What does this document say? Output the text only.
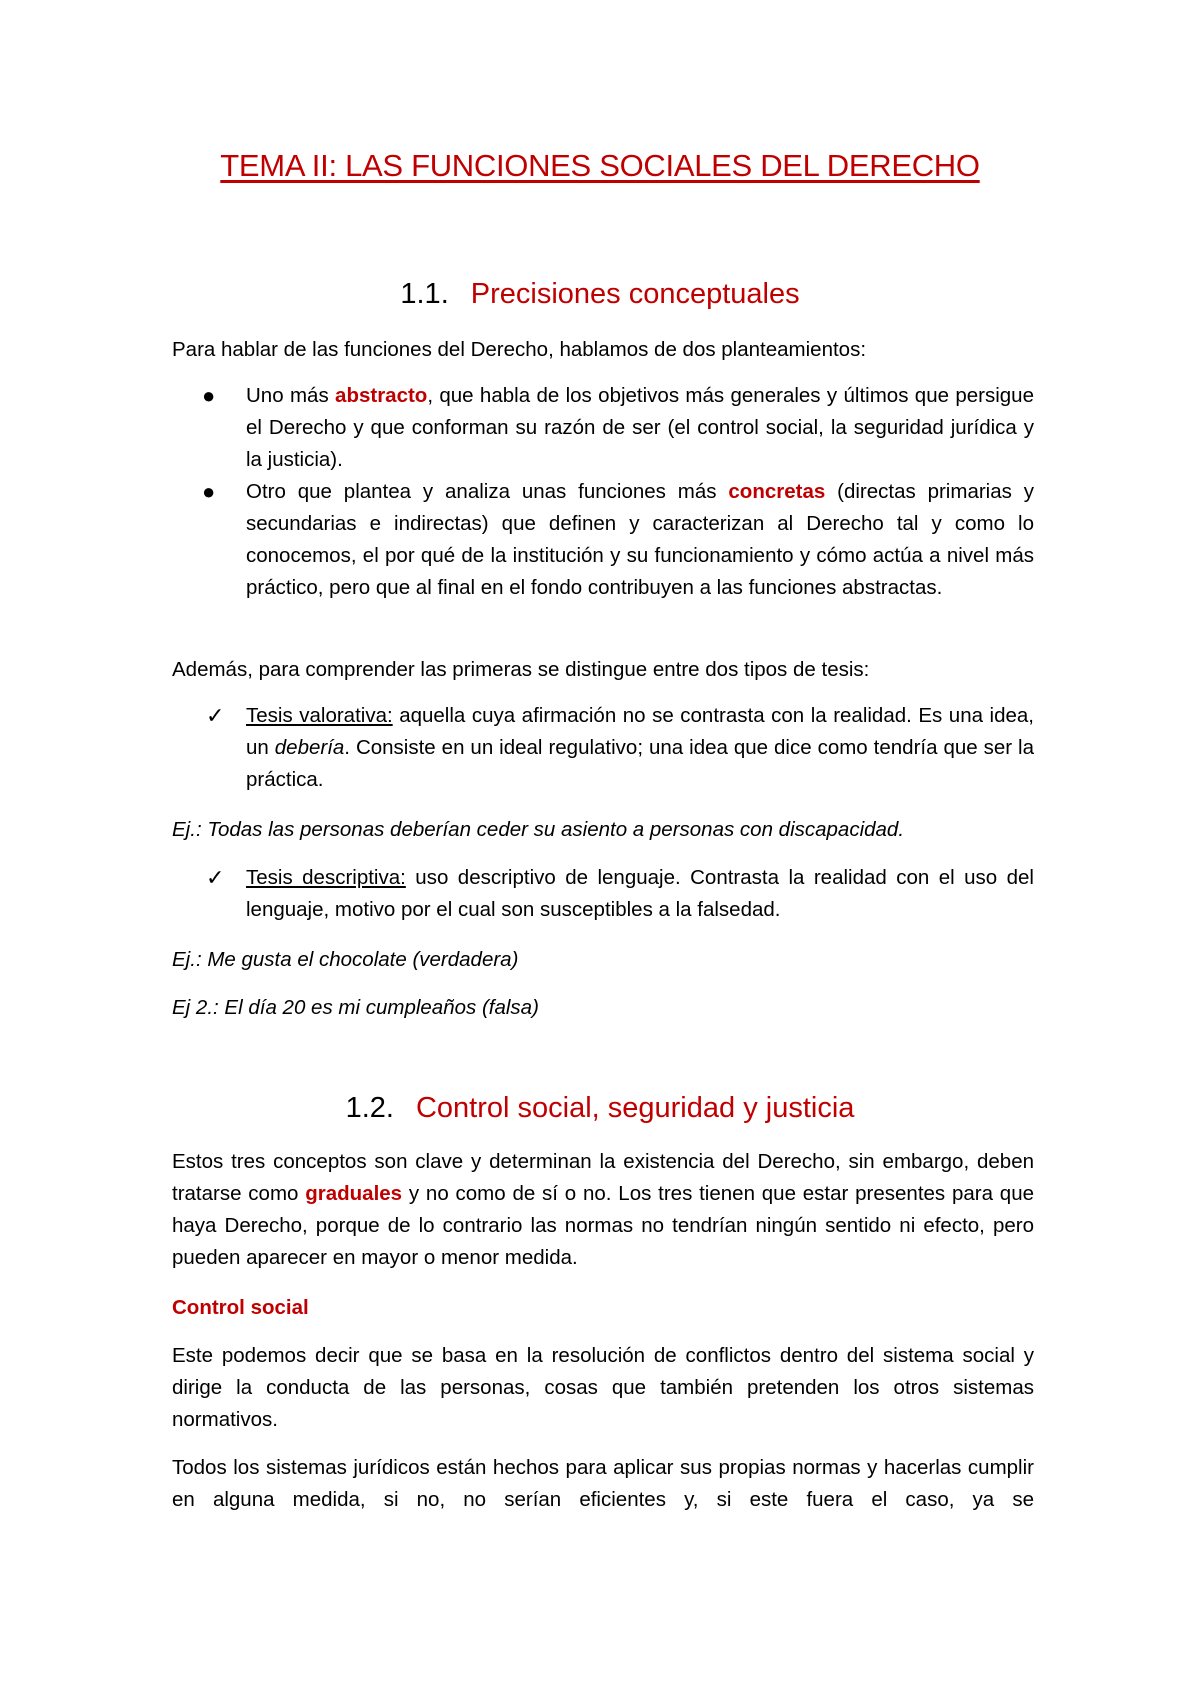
TEMA II: LAS FUNCIONES SOCIALES DEL DERECHO
1.1. Precisiones conceptuales

Para hablar de las funciones del Derecho, hablamos de dos planteamientos:

● Uno más abstracto, que habla de los objetivos más generales y últimos que persigue el Derecho y que conforman su razón de ser (el control social, la seguridad jurídica y la justicia).

● Otro que plantea y analiza unas funciones más concretas (directas primarias y secundarias e indirectas) que definen y caracterizan al Derecho tal y como lo conocemos, el por qué de la institución y su funcionamiento y cómo actúa a nivel más práctico, pero que al final en el fondo contribuyen a las funciones abstractas.

Además, para comprender las primeras se distingue entre dos tipos de tesis:

✓ Tesis valorativa: aquella cuya afirmación no se contrasta con la realidad. Es una idea, un debería. Consiste en un ideal regulativo; una idea que dice como tendría que ser la práctica.

Ej.: Todas las personas deberían ceder su asiento a personas con discapacidad.

✓ Tesis descriptiva: uso descriptivo de lenguaje. Contrasta la realidad con el uso del lenguaje, motivo por el cual son susceptibles a la falsedad.

Ej.: Me gusta el chocolate (verdadera)

Ej 2.: El día 20 es mi cumpleaños (falsa)

1.2. Control social, seguridad y justicia

Estos tres conceptos son clave y determinan la existencia del Derecho, sin embargo, deben tratarse como graduales y no como de sí o no. Los tres tienen que estar presentes para que haya Derecho, porque de lo contrario las normas no tendrían ningún sentido ni efecto, pero pueden aparecer en mayor o menor medida.

Control social

Este podemos decir que se basa en la resolución de conflictos dentro del sistema social y dirige la conducta de las personas, cosas que también pretenden los otros sistemas normativos.

Todos los sistemas jurídicos están hechos para aplicar sus propias normas y hacerlas cumplir en alguna medida, si no, no serían eficientes y, si este fuera el caso, ya se
